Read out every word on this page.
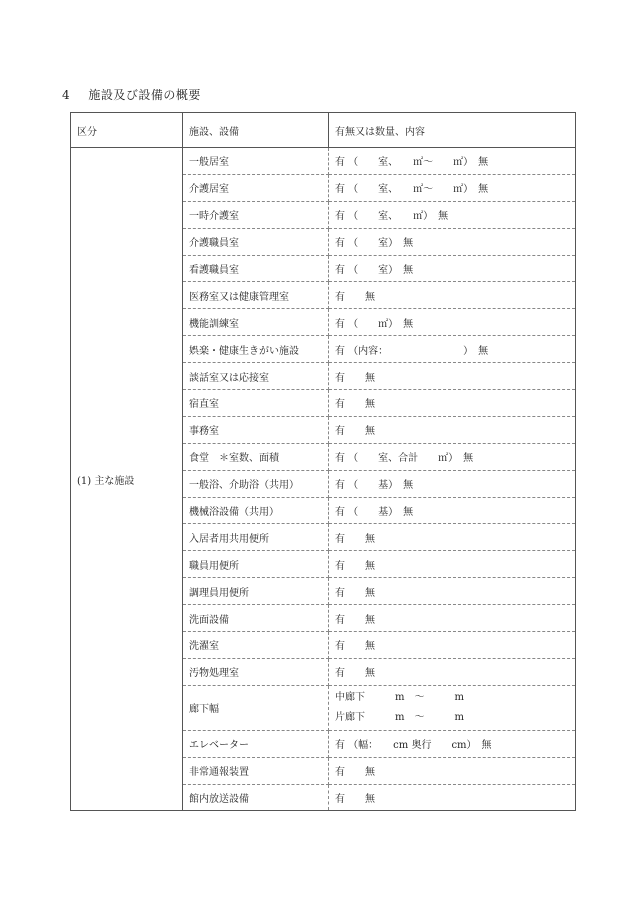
4 施設及び設備の概要
区分	施設、設備	有無又は数量、内容
(1) 主な施設	一般居室	有 （　　室、　　㎡～　　㎡）　無
	介護居室	有 （　　室、　　㎡～　　㎡）　無
	一時介護室	有 （　　室、　　㎡）　無
	介護職員室	有 （　　室）　無
	看護職員室	有 （　　室）　無
	医務室又は健康管理室	有　　無
	機能訓練室	有 （　　㎡）　無
	娯楽・健康生きがい施設	有 （内容：　　　　　　　　）　無
	談話室又は応接室	有　　無
	宿直室	有　　無
	事務室	有　　無
	食堂　＊室数、面積	有 （　　室、合計　　㎡）　無
	一般浴、介助浴（共用）	有 （　　基）　無
	機械浴設備（共用）	有 （　　基）　無
	入居者用共用便所	有　　無
	職員用便所	有　　無
	調理員用便所	有　　無
	洗面設備	有　　無
	洗濯室	有　　無
	汚物処理室	有　　無
	廊下幅	中廊下　　　m　～　　　m
片廊下　　　m　～　　　m

	エレベーター	有 （幅：　　cm 奥行　　cm）　無
	非常通報装置	有　　無
	館内放送設備	有　　無
